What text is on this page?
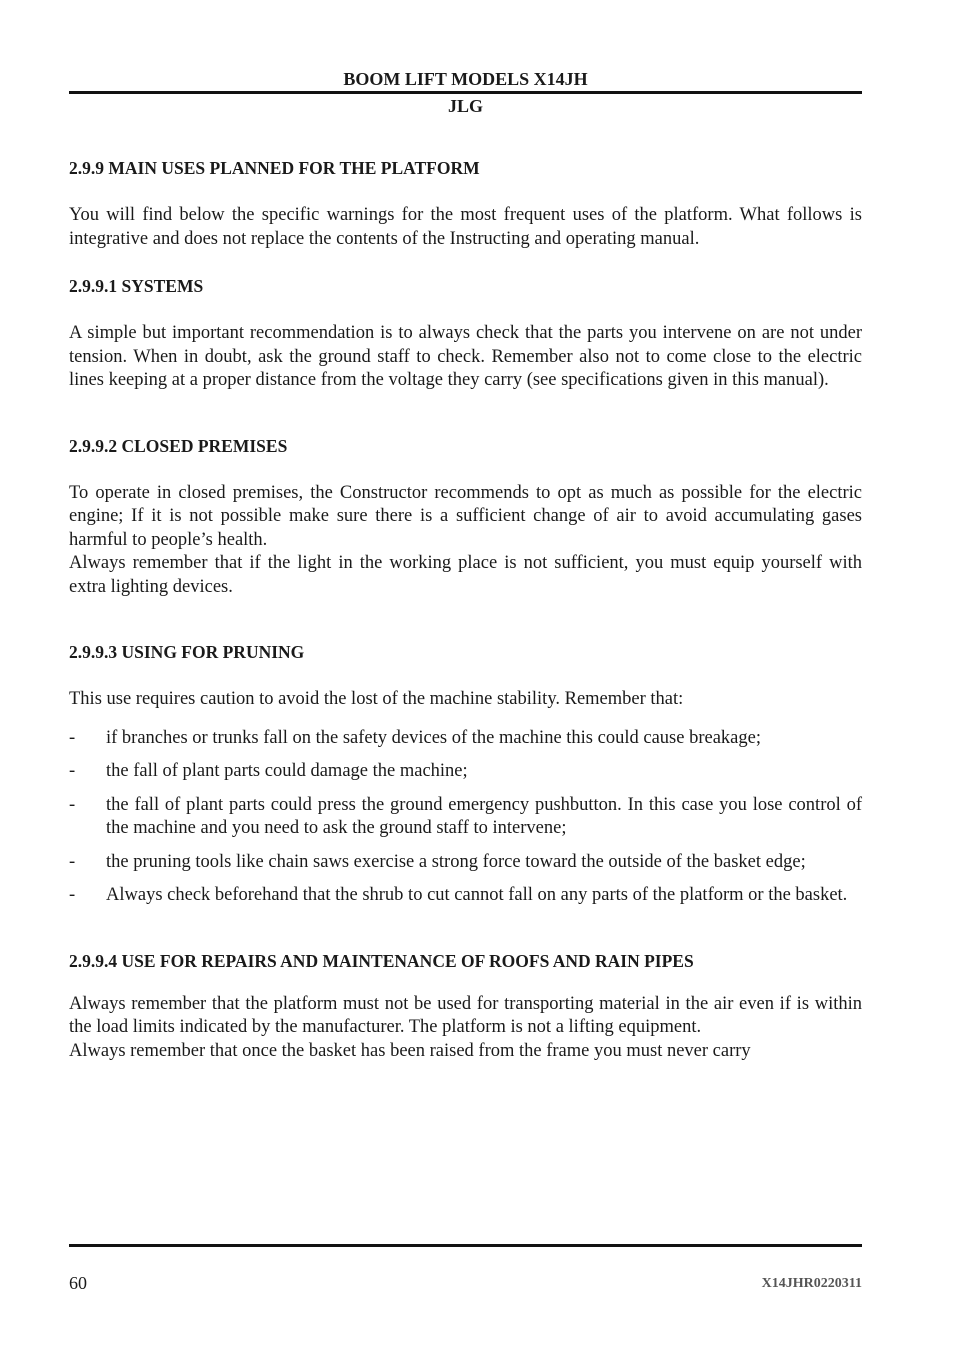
BOOM LIFT MODELS X14JH
JLG
2.9.9 MAIN USES PLANNED FOR THE PLATFORM

You will find below the specific warnings for the most frequent uses of the platform. What follows is integrative and does not replace the contents of the Instructing and operating manual.

2.9.9.1 SYSTEMS

A simple but important recommendation is to always check that the parts you intervene on are not under tension. When in doubt, ask the ground staff to check. Remember also not to come close to the electric lines keeping at a proper distance from the voltage they carry (see specifications given in this manual).

2.9.9.2 CLOSED PREMISES

To operate in closed premises, the Constructor recommends to opt as much as possible for the electric engine; If it is not possible make sure there is a sufficient change of air to avoid accumulating gases harmful to people’s health.

Always remember that if the light in the working place is not sufficient, you must equip yourself with extra lighting devices.

2.9.9.3 USING FOR PRUNING

This use requires caution to avoid the lost of the machine stability. Remember that:

- if branches or trunks fall on the safety devices of the machine this could cause breakage;
- the fall of plant parts could damage the machine;
- the fall of plant parts could press the ground emergency pushbutton. In this case you lose control of the machine and you need to ask the ground staff to intervene;
- the pruning tools like chain saws exercise a strong force toward the outside of the basket edge;
- Always check beforehand that the shrub to cut cannot fall on any parts of the platform or the basket.
2.9.9.4 USE FOR REPAIRS AND MAINTENANCE OF ROOFS AND RAIN PIPES

Always remember that the platform must not be used for transporting material in the air even if is within the load limits indicated by the manufacturer. The platform is not a lifting equipment.

Always remember that once the basket has been raised from the frame you must never carry

60	X14JHR0220311
